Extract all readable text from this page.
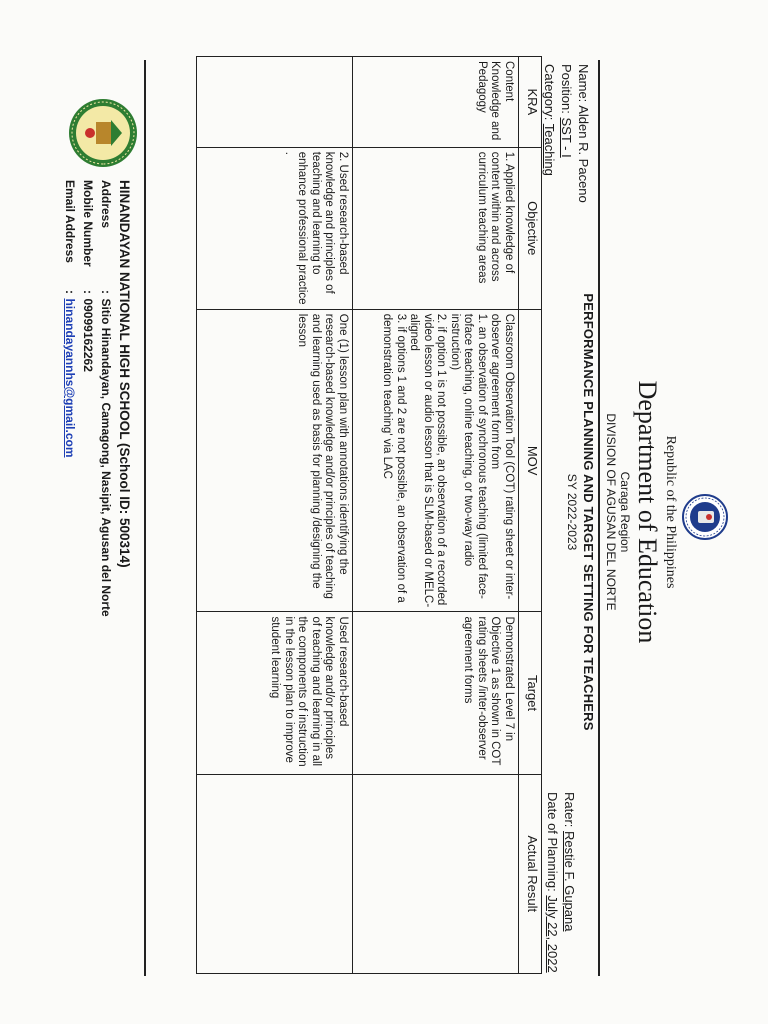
Republic of the Philippines
Department of Education
Caraga Region
DIVISION OF AGUSAN DEL NORTE
PERFORMANCE PLANNING AND TARGET SETTING FOR TEACHERS
SY 2022-2023
Name: Alden R. Paceno
Position: SST - I
Category: Teaching
Rater: Restie F. Gupana
Date of Planning: July 22, 2022
KRA	Objective	MOV	Target	Actual Result
Content Knowledge and Pedagogy	1. Applied knowledge of content within and across curriculum teaching areas	Classroom Observation Tool (COT) rating sheet or inter-observer agreement form from
1. an observation of synchronous teaching (limited face-toface teaching, online teaching, or two-way radio instruction)
2. if option 1 is not possible, an observation of a recorded video lesson or audio lesson that is SLM-based or MELC-aligned
3. if options 1 and 2 are not possible, an observation of a demonstration teaching' via LAC	Demonstrated Level 7 in Objective 1 as shown in COT rating sheets /inter-observer agreement forms	
	2. Used research-based knowledge and principles of teaching and learning to enhance professional practice .	One (1) lesson plan with annotations identifying the research-based knowledge and/or principles of teaching and learning used as basis for planning /designing the lesson	Used research-based knowledge and/or principles of teaching and learning in all the components of instruction in the lesson plan to improve student learning	
HINANDAYAN NATIONAL HIGH SCHOOL (School ID: 500314)
Address: Sitio Hinandayan, Camagong, Nasipit, Agusan del Norte
Mobile Number: 09099162262
Email Address: hinandayannhs@gmail.com
